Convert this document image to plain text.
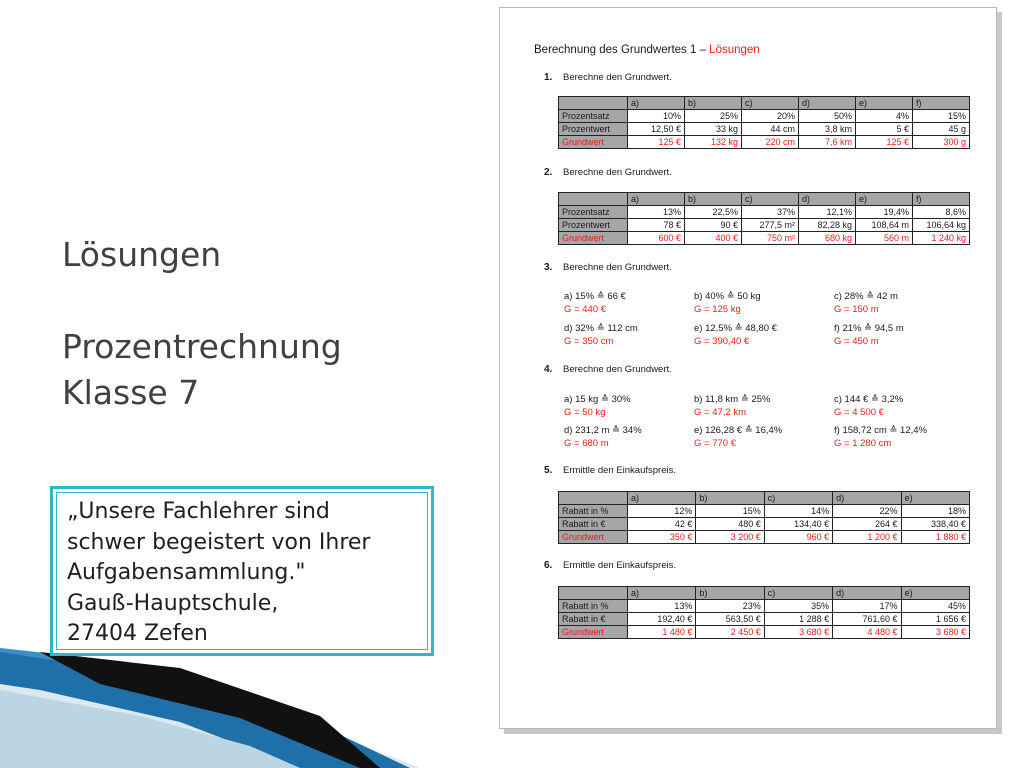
Lösungen
Prozentrechnung
Klasse 7
„Unsere Fachlehrer sind
schwer begeistert von Ihrer
Aufgabensammlung."
Gauß-Hauptschule,
27404 Zefen
Berechnung des Grundwertes 1 – Lösungen
1. Berechne den Grundwert.
	a)	b)	c)	d)	e)	f)
Prozentsatz	10%	25%	20%	50%	4%	15%
Prozentwert	12,50 €	33 kg	44 cm	3,8 km	5 €	45 g
Grundwert	125 €	132 kg	220 cm	7,6 km	125 €	300 g
2. Berechne den Grundwert.
	a)	b)	c)	d)	e)	f)
Prozentsatz	13%	22,5%	37%	12,1%	19,4%	8,6%
Prozentwert	78 €	90 €	277,5 m²	82,28 kg	108,64 m	106,64 kg
Grundwert	600 €	400 €	750 m²	680 kg	560 m	1 240 kg
3. Berechne den Grundwert.
a) 15% ≙ 66 €
G = 440 €
b) 40% ≙ 50 kg
G = 125 kg
c) 28% ≙ 42 m
G = 150 m
d) 32% ≙ 112 cm
G = 350 cm
e) 12,5% ≙ 48,80 €
G = 390,40 €
f) 21% ≙ 94,5 m
G = 450 m
4. Berechne den Grundwert.
a) 15 kg ≙ 30%
G = 50 kg
b) 11,8 km ≙ 25%
G = 47,2 km
c) 144 € ≙ 3,2%
G = 4 500 €
d) 231,2 m ≙ 34%
G = 680 m
e) 126,28 € ≙ 16,4%
G = 770 €
f) 158,72 cm ≙ 12,4%
G = 1 280 cm
5. Ermittle den Einkaufspreis.
	a)	b)	c)	d)	e)
Rabatt in %	12%	15%	14%	22%	18%
Rabatt in €	42 €	480 €	134,40 €	264 €	338,40 €
Grundwert	350 €	3 200 €	960 €	1 200 €	1 880 €
6. Ermittle den Einkaufspreis.
	a)	b)	c)	d)	e)
Rabatt in %	13%	23%	35%	17%	45%
Rabatt in €	192,40 €	563,50 €	1 288 €	761,60 €	1 656 €
Grundwert	1 480 €	2 450 €	3 680 €	4 480 €	3 680 €
